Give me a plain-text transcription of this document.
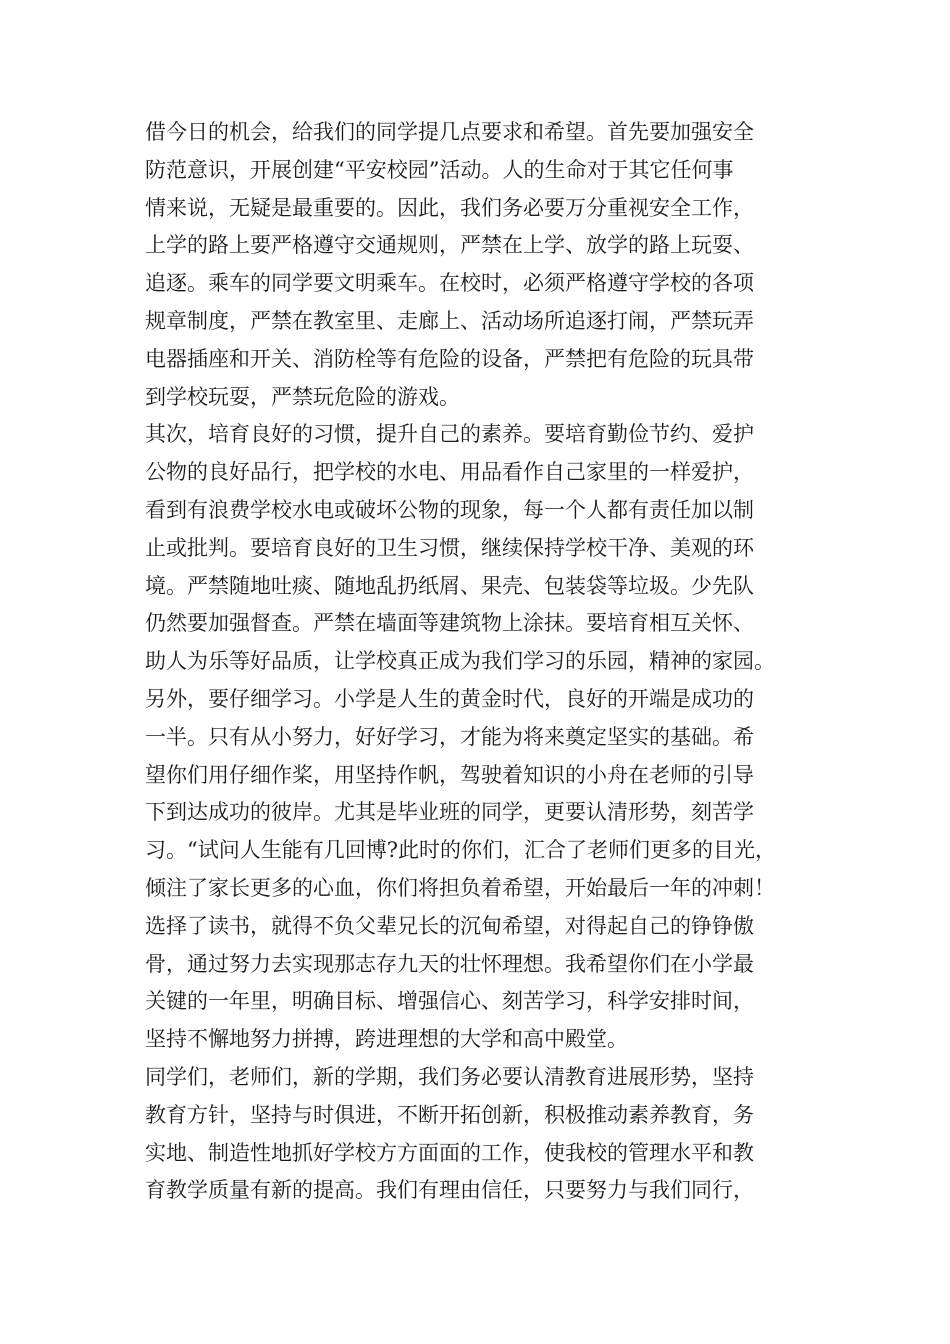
借今日的机会，给我们的同学提几点要求和希望。首先要加强安全
防范意识，开展创建“平安校园”活动。人的生命对于其它任何事
情来说，无疑是最重要的。因此，我们务必要万分重视安全工作，
上学的路上要严格遵守交通规则，严禁在上学、放学的路上玩耍、
追逐。乘车的同学要文明乘车。在校时，必须严格遵守学校的各项
规章制度，严禁在教室里、走廊上、活动场所追逐打闹，严禁玩弄
电器插座和开关、消防栓等有危险的设备，严禁把有危险的玩具带
到学校玩耍，严禁玩危险的游戏。
其次，培育良好的习惯，提升自己的素养。要培育勤俭节约、爱护
公物的良好品行，把学校的水电、用品看作自己家里的一样爱护，
看到有浪费学校水电或破坏公物的现象，每一个人都有责任加以制
止或批判。要培育良好的卫生习惯，继续保持学校干净、美观的环
境。严禁随地吐痰、随地乱扔纸屑、果壳、包装袋等垃圾。少先队
仍然要加强督查。严禁在墙面等建筑物上涂抹。要培育相互关怀、
助人为乐等好品质，让学校真正成为我们学习的乐园，精神的家园。
另外，要仔细学习。小学是人生的黄金时代，良好的开端是成功的
一半。只有从小努力，好好学习，才能为将来奠定坚实的基础。希
望你们用仔细作桨，用坚持作帆，驾驶着知识的小舟在老师的引导
下到达成功的彼岸。尤其是毕业班的同学，更要认清形势，刻苦学
习。“试问人生能有几回博?此时的你们，汇合了老师们更多的目光，
倾注了家长更多的心血，你们将担负着希望，开始最后一年的冲刺！
选择了读书，就得不负父辈兄长的沉甸希望，对得起自己的铮铮傲
骨，通过努力去实现那志存九天的壮怀理想。我希望你们在小学最
关键的一年里，明确目标、增强信心、刻苦学习，科学安排时间，
坚持不懈地努力拼搏，跨进理想的大学和高中殿堂。
同学们，老师们，新的学期，我们务必要认清教育进展形势，坚持
教育方针，坚持与时俱进，不断开拓创新，积极推动素养教育，务
实地、制造性地抓好学校方方面面的工作，使我校的管理水平和教
育教学质量有新的提高。我们有理由信任，只要努力与我们同行，
